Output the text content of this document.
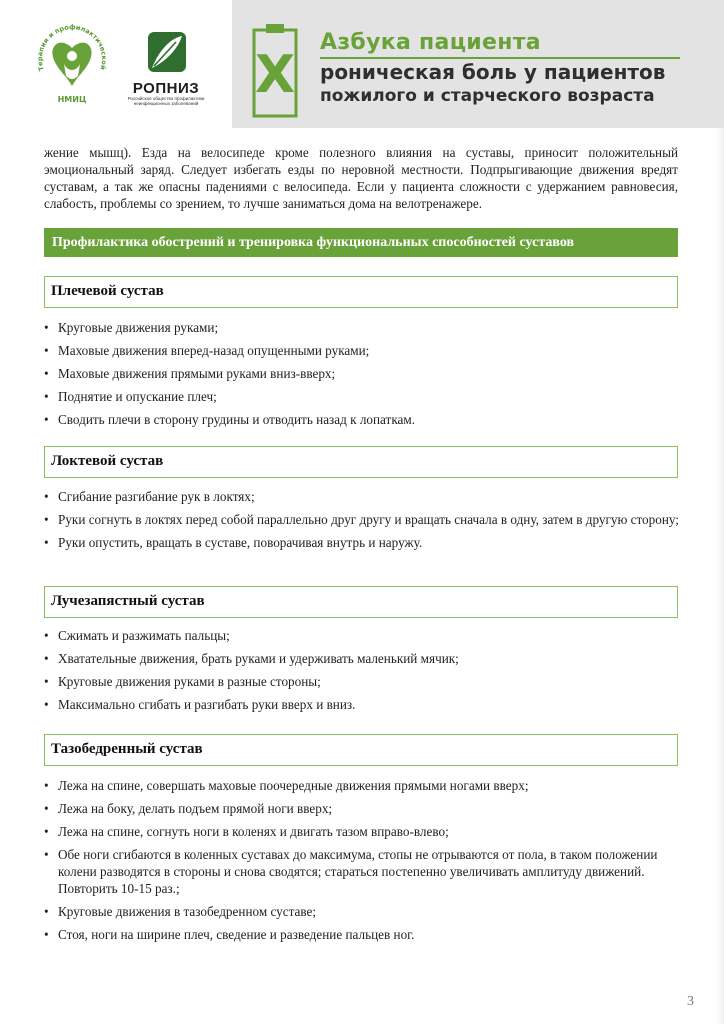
Терапии и профилактической
НМИЦ
РОПНИЗ
Российское общество профилактики неинфекционных заболеваний Х
Азбука пациента
роническая боль у пациентов
пожилого и старческого возраста
жение мышц). Езда на велосипеде кроме полезного влияния на суставы, приносит положительный эмоциональный заряд. Следует избегать езды по неровной местности. Подпрыгивающие движения вредят суставам, а так же опасны падениями с велосипеда. Если у пациента сложности с удержанием равновесия, слабость, проблемы со зрением, то лучше заниматься дома на велотренажере.
Профилактика обострений и тренировка функциональных способностей суставов
Плечевой сустав
• Круговые движения руками;
• Маховые движения вперед-назад опущенными руками;
• Маховые движения прямыми руками вниз-вверх;
• Поднятие и опускание плеч;
• Сводить плечи в сторону грудины и отводить назад к лопаткам.
Локтевой сустав
• Сгибание разгибание рук в локтях;
• Руки согнуть в локтях перед собой параллельно друг другу и вращать сначала в одну, затем в другую сторону;
• Руки опустить, вращать в суставе, поворачивая внутрь и наружу.
Лучезапястный сустав
• Сжимать и разжимать пальцы;
• Хватательные движения, брать руками и удерживать маленький мячик;
• Круговые движения руками в разные стороны;
• Максимально сгибать и разгибать руки вверх и вниз.
Тазобедренный сустав
• Лежа на спине, совершать маховые поочередные движения прямыми ногами вверх;
• Лежа на боку, делать подъем прямой ноги вверх;
• Лежа на спине, согнуть ноги в коленях и двигать тазом вправо-влево;
• Обе ноги сгибаются в коленных суставах до максимума, стопы не отрываются от пола, в таком положении колени разводятся в стороны и снова сводятся; стараться постепенно увеличивать амплитуду движений. Повторить 10-15 раз.;
• Круговые движения в тазобедренном суставе;
• Стоя, ноги на ширине плеч, сведение и разведение пальцев ног.
3
